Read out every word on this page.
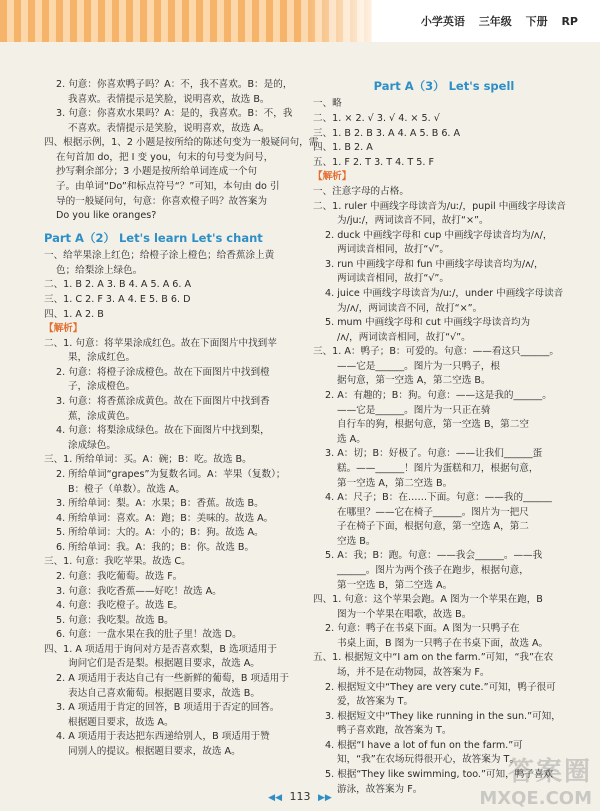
小学英语 三年级 下册 RP
2. 句意：你喜欢鸭子吗？A：不，我不喜欢。B：是的，
我喜欢。表情提示是笑脸，说明喜欢，故选 B。
3. 句意：你喜欢水果吗？A：是的，我喜欢。B：不，我
不喜欢。表情提示是笑脸，说明喜欢，故选 A。
四、根据示例，1、2 小题是按所给的陈述句变为一般疑问句，需
在句首加 do，把 I 变 you，句末的句号变为问号，
抄写剩余部分；3 小题是按所给单词连成一个句
子。由单词“Do”和标点符号“？”可知，本句由 do 引
导的一般疑问句，句意：你喜欢橙子吗？故答案为
Do you like oranges?
Part A（2） Let's learn Let's chant
一、给苹果涂上红色；给橙子涂上橙色；给香蕉涂上黄
色；给梨涂上绿色。
二、1. B 2. A 3. B 4. A 5. A 6. A
三、1. C 2. F 3. A 4. E 5. B 6. D
四、1. A 2. B
【解析】
二、1. 句意：将苹果涂成红色。故在下面图片中找到苹
果，涂成红色。
2. 句意：将橙子涂成橙色。故在下面图片中找到橙
子，涂成橙色。
3. 句意：将香蕉涂成黄色。故在下面图片中找到香
蕉，涂成黄色。
4. 句意：将梨涂成绿色。故在下面图片中找到梨，
涂成绿色。
三、1. 所给单词：买。A：碗；B：吃。故选 B。
2. 所给单词“grapes”为复数名词。A：苹果（复数）；
B：橙子（单数）。故选 A。
3. 所给单词：梨。A：水果；B：香蕉。故选 B。
4. 所给单词：喜欢。A：跑；B：美味的。故选 A。
5. 所给单词：大的。A：小的；B：狗。故选 A。
6. 所给单词：我。A：我的；B：你。故选 B。
三、1. 句意：我吃苹果。故选 C。
2. 句意：我吃葡萄。故选 F。
3. 句意：我吃香蕉——好吃！故选 A。
4. 句意：我吃橙子。故选 E。
5. 句意：我吃梨。故选 B。
6. 句意：一盘水果在我的肚子里！故选 D。
四、1. A 项适用于询问对方是否喜欢梨，B 选项适用于
询问它们是否是梨。根据题目要求，故选 A。
2. A 项适用于表达自己有一些新鲜的葡萄，B 项适用于
表达自己喜欢葡萄。根据题目要求，故选 B。
3. A 项适用于肯定的回答，B 项适用于否定的回答。
根据题目要求，故选 A。
4. A 项适用于表达把东西递给别人，B 项适用于赞
同别人的提议。根据题目要求，故选 A。
Part A（3） Let's spell
一、略
二、1. × 2. √ 3. √ 4. × 5. √
三、1. B 2. B 3. A 4. A 5. B 6. A
四、1. B 2. A
五、1. F 2. T 3. T 4. T 5. F
【解析】
一、注意字母的占格。
二、1. ruler 中画线字母读音为/uː/，pupil 中画线字母读音
为/juː/，两词读音不同，故打“×”。
2. duck 中画线字母和 cup 中画线字母读音均为/ʌ/，
两词读音相同，故打“√”。
3. run 中画线字母和 fun 中画线字母读音均为/ʌ/，
两词读音相同，故打“√”。
4. juice 中画线字母读音为/uː/，under 中画线字母读音
为/ʌ/，两词读音不同，故打“×”。
5. mum 中画线字母和 cut 中画线字母读音均为
/ʌ/，两词读音相同，故打“√”。
三、1. A：鸭子；B：可爱的。句意：——看这只______。
——它是______。图片为一只鸭子，根
据句意，第一空选 A，第二空选 B。
2. A：有趣的；B：狗。句意：——这是我的______。
——它是______。图片为一只正在骑
自行车的狗，根据句意，第一空选 B，第二空
选 A。
3. A：切；B：好极了。句意：——让我们______蛋
糕。——______！图片为蛋糕和刀，根据句意，
第一空选 A，第二空选 B。
4. A：尺子；B：在……下面。句意：——我的______
在哪里？——它在椅子______。图片为一把尺
子在椅子下面，根据句意，第一空选 A，第二
空选 B。
5. A：我；B：跑。句意：——我会______。——我
______。图片为两个孩子在跑步，根据句意，
第一空选 B，第二空选 A。
四、1. 句意：这个苹果会跑。A 图为一个苹果在跑，B
图为一个苹果在唱歌，故选 B。
2. 句意：鸭子在书桌下面。A 图为一只鸭子在
书桌上面，B 图为一只鸭子在书桌下面，故选 A。
五、1. 根据短文中“I am on the farm.”可知，“我”在农
场，并不是在动物园，故答案为 F。
2. 根据短文中“They are very cute.”可知，鸭子很可
爱，故答案为 T。
3. 根据短文中“They like running in the sun.”可知，
鸭子喜欢跑，故答案为 T。
4. 根据“I have a lot of fun on the farm.”可
知，“我”在农场玩得很开心，故答案为 T。
5. 根据“They like swimming, too.”可知，鸭子喜欢
游泳，故答案为 F。
◀◀ 113 ▶▶
答案圈
MXQE.COM
